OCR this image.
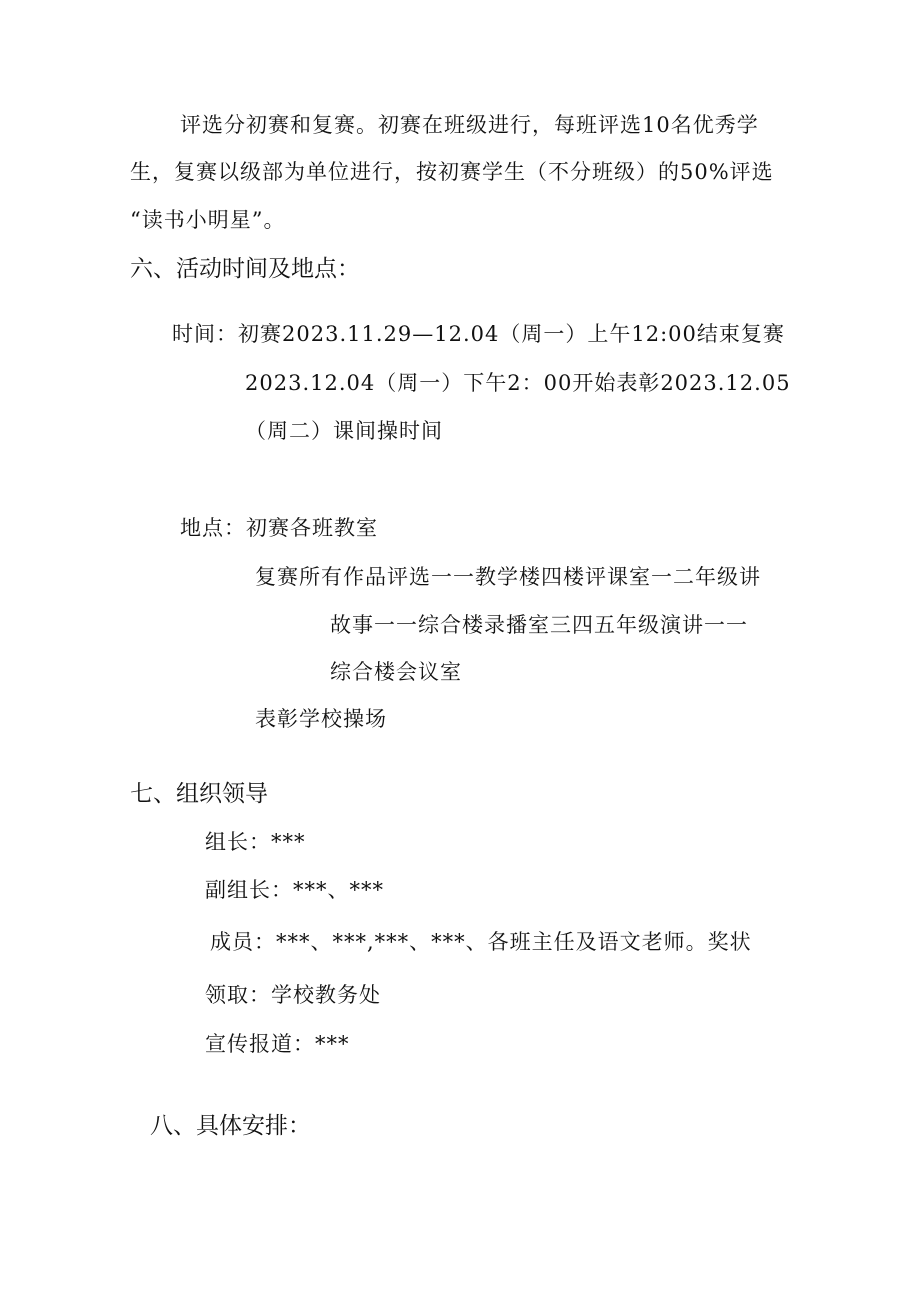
评选分初赛和复赛。初赛在班级进行，每班评选10名优秀学
生，复赛以级部为单位进行，按初赛学生（不分班级）的50%评选
“读书小明星”。
六、活动时间及地点：
时间：初赛2023.11.29—12.04（周一）上午12:00结束复赛
2023.12.04（周一）下午2：00开始表彰2023.12.05
（周二）课间操时间
地点：初赛各班教室
复赛所有作品评选一一教学楼四楼评课室一二年级讲
故事一一综合楼录播室三四五年级演讲一一
综合楼会议室
表彰学校操场
七、组织领导
组长：***
副组长：***、***
成员：***、***,***、***、各班主任及语文老师。奖状
领取：学校教务处
宣传报道：***
八、具体安排：
